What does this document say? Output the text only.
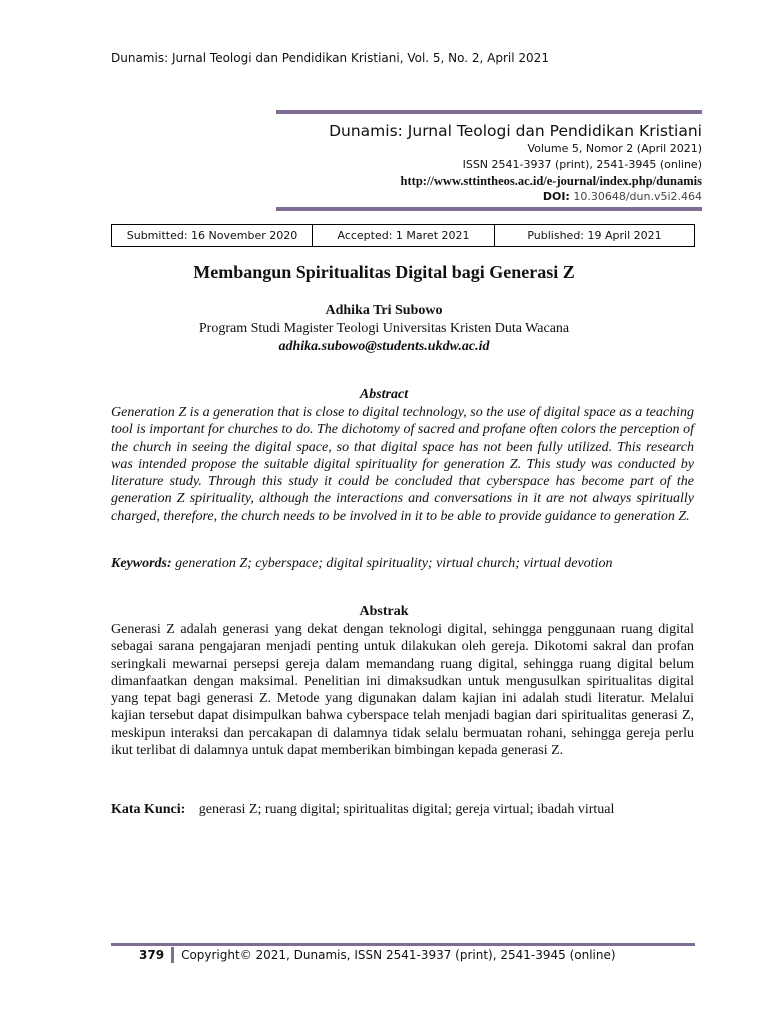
Dunamis: Jurnal Teologi dan Pendidikan Kristiani, Vol. 5, No. 2, April 2021
Dunamis: Jurnal Teologi dan Pendidikan Kristiani
Volume 5, Nomor 2 (April 2021)
ISSN 2541-3937 (print), 2541-3945 (online)
http://www.sttintheos.ac.id/e-journal/index.php/dunamis
DOI: 10.30648/dun.v5i2.464
Submitted: 16 November 2020	Accepted: 1 Maret 2021	Published: 19 April 2021
Membangun Spiritualitas Digital bagi Generasi Z
Adhika Tri Subowo
Program Studi Magister Teologi Universitas Kristen Duta Wacana
adhika.subowo@students.ukdw.ac.id
Abstract
Generation Z is a generation that is close to digital technology, so the use of digital space as a teaching tool is important for churches to do. The dichotomy of sacred and profane often colors the perception of the church in seeing the digital space, so that digital space has not been fully utilized. This research was intended propose the suitable digital spirituality for generation Z. This study was conducted by literature study. Through this study it could be concluded that cyberspace has become part of the generation Z spirituality, although the interactions and conversations in it are not always spiritually charged, therefore, the church needs to be involved in it to be able to provide guidance to generation Z.
Keywords: generation Z; cyberspace; digital spirituality; virtual church; virtual devotion
Abstrak
Generasi Z adalah generasi yang dekat dengan teknologi digital, sehingga penggunaan ruang digital sebagai sarana pengajaran menjadi penting untuk dilakukan oleh gereja. Dikotomi sakral dan profan seringkali mewarnai persepsi gereja dalam memandang ruang digital, sehingga ruang digital belum dimanfaatkan dengan maksimal. Penelitian ini dimaksudkan untuk mengusulkan spiritualitas digital yang tepat bagi generasi Z. Metode yang digunakan dalam kajian ini adalah studi literatur. Melalui kajian tersebut dapat disimpulkan bahwa cyberspace telah menjadi bagian dari spiritualitas generasi Z, meskipun interaksi dan percakapan di dalamnya tidak selalu bermuatan rohani, sehingga gereja perlu ikut terlibat di dalamnya untuk dapat memberikan bimbingan kepada generasi Z.
Kata Kunci: generasi Z; ruang digital; spiritualitas digital; gereja virtual; ibadah virtual
379 Copyright© 2021, Dunamis, ISSN 2541-3937 (print), 2541-3945 (online)
